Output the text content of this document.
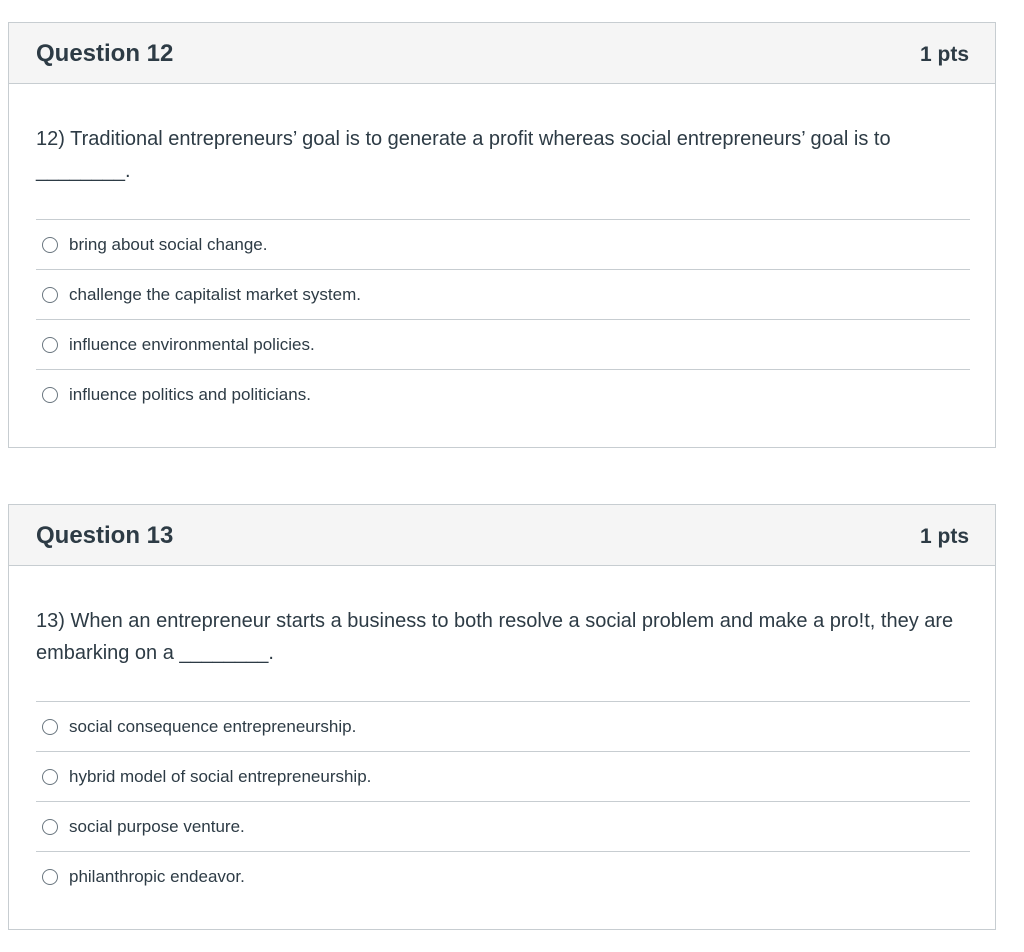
Question 12	1 pts
12) Traditional entrepreneurs’ goal is to generate a profit whereas social entrepreneurs’ goal is to ________.
bring about social change.
challenge the capitalist market system.
influence environmental policies.
influence politics and politicians.
Question 13	1 pts
13) When an entrepreneur starts a business to both resolve a social problem and make a pro!t, they are embarking on a ________.
social consequence entrepreneurship.
hybrid model of social entrepreneurship.
social purpose venture.
philanthropic endeavor.
